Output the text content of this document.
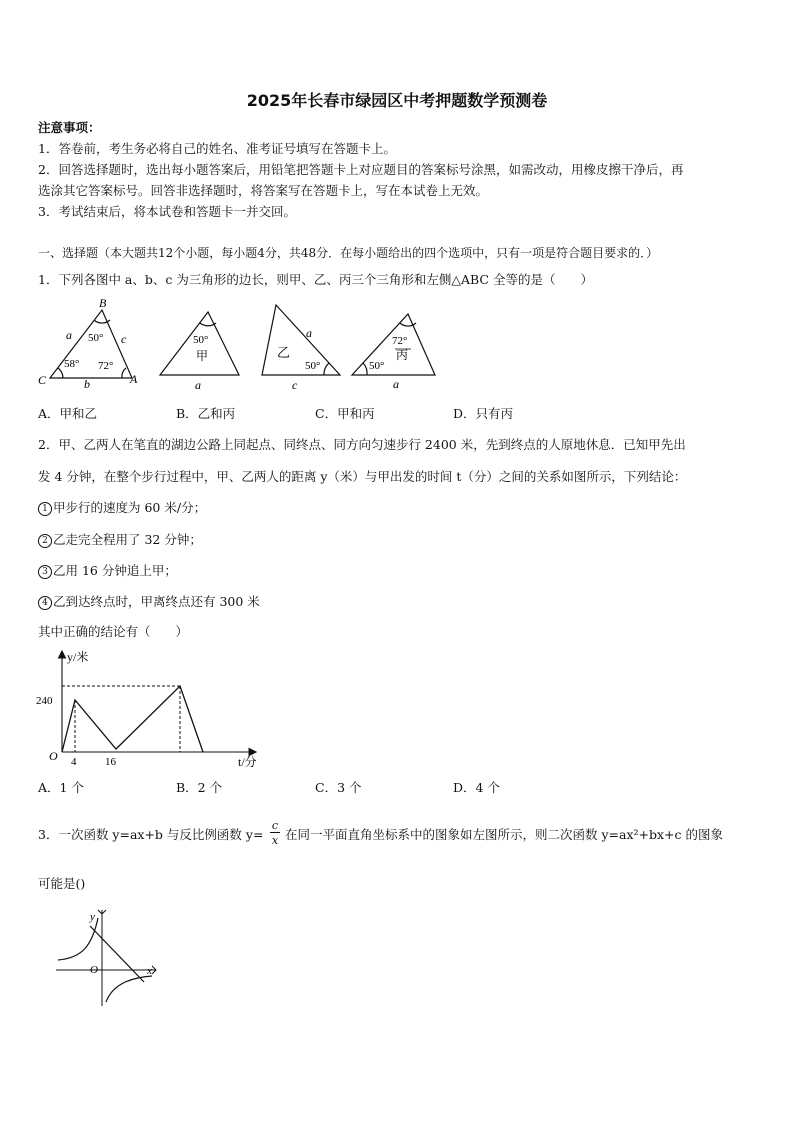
2025年长春市绿园区中考押题数学预测卷
注意事项：
1．答卷前，考生务必将自己的姓名、准考证号填写在答题卡上。
2．回答选择题时，选出每小题答案后，用铅笔把答题卡上对应题目的答案标号涂黑，如需改动，用橡皮擦干净后，再
选涂其它答案标号。回答非选择题时，将答案写在答题卡上，写在本试卷上无效。
3．考试结束后，将本试卷和答题卡一并交回。
一、选择题（本大题共12个小题，每小题4分，共48分．在每小题给出的四个选项中，只有一项是符合题目要求的．）
1．下列各图中 a、b、c 为三角形的边长，则甲、乙、丙三个三角形和左侧△ABC 全等的是（　　）
B
C	A
a	c
b
50°
58° 72°
50°
甲
a
a
乙
50°
c
72°
丙
50°
a
A．甲和乙	B．乙和丙	C．甲和丙	D．只有丙
2．甲、乙两人在笔直的湖边公路上同起点、同终点、同方向匀速步行 2400 米，先到终点的人原地休息．已知甲先出
发 4 分钟，在整个步行过程中，甲、乙两人的距离 y（米）与甲出发的时间 t（分）之间的关系如图所示，下列结论：
1 甲步行的速度为 60 米/分；
2 乙走完全程用了 32 分钟；
3 乙用 16 分钟追上甲；
4 乙到达终点时，甲离终点还有 300 米
其中正确的结论有（　　）
y/米
t/分
O
240
4	16
A．1 个	B．2 个	C．3 个	D．4 个
3．一次函数 y=ax+b 与反比例函数 y=
c
x 在同一平面直角坐标系中的图象如左图所示，则二次函数 y=ax²+bx+c 的图象
可能是()
y
x
O
